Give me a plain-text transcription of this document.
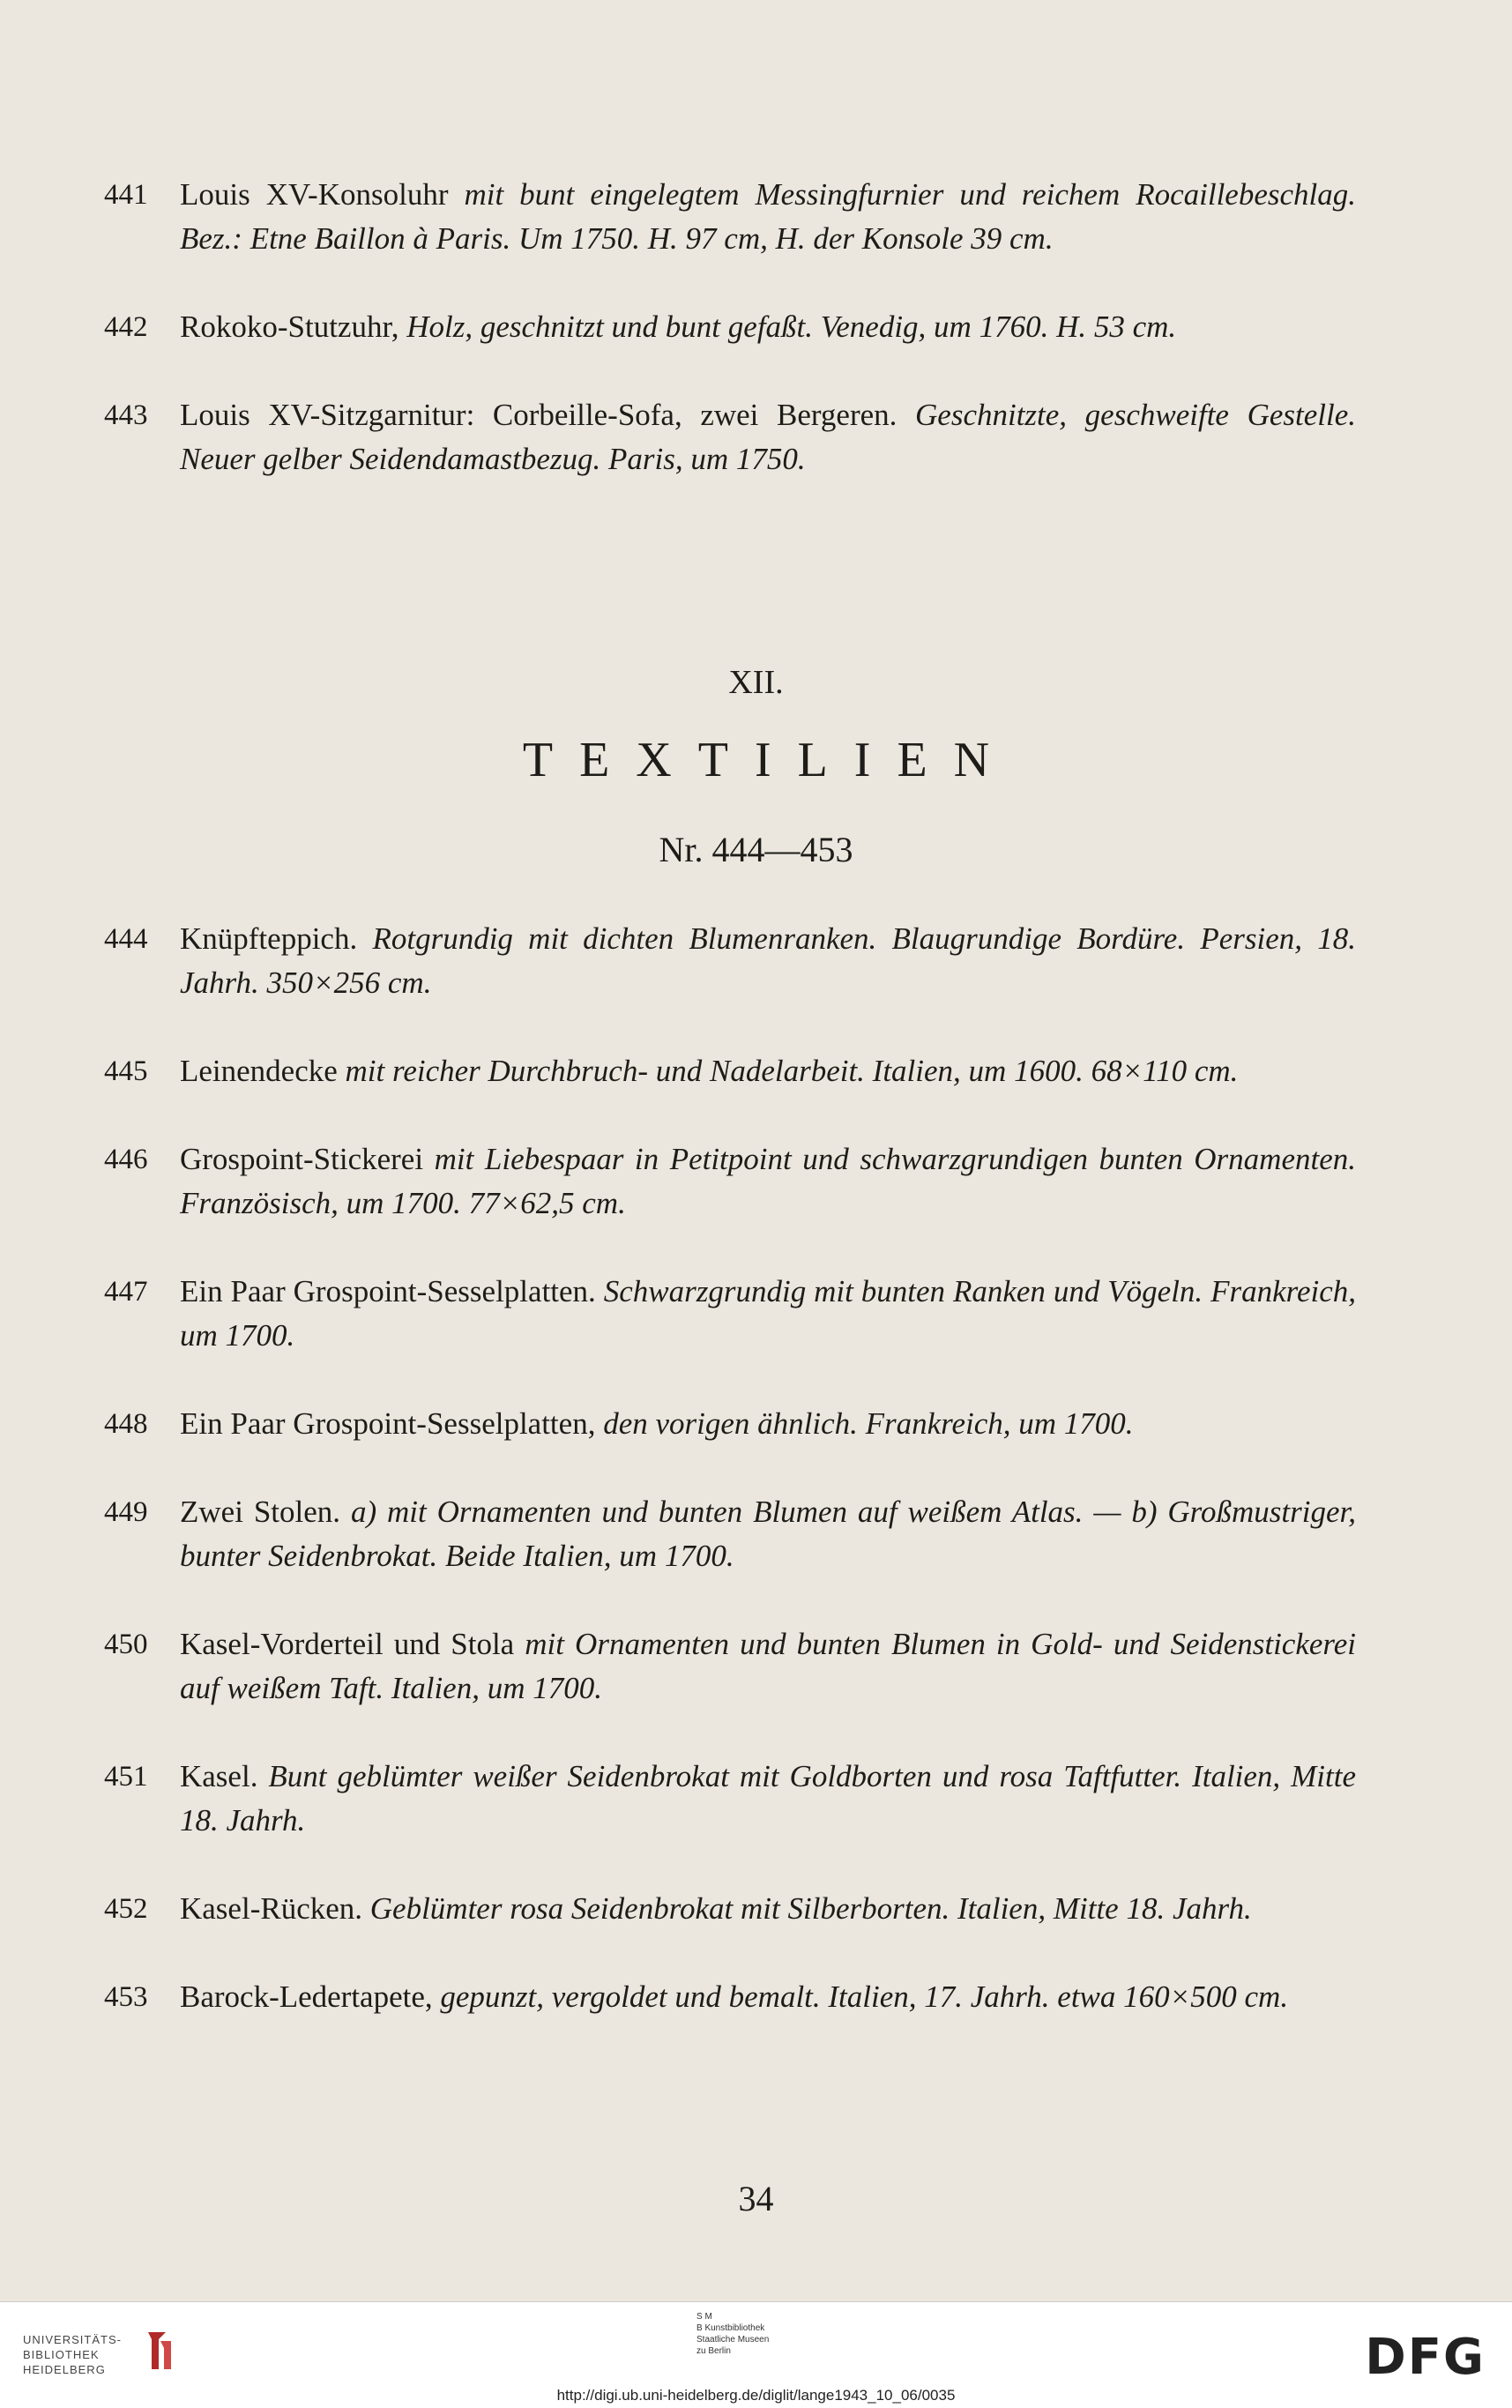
441	Louis XV-Konsoluhr mit bunt eingelegtem Messingfurnier und reichem Rocaillebeschlag. Bez.: Etne Baillon à Paris. Um 1750. H. 97 cm, H. der Konsole 39 cm.
442	Rokoko-Stutzuhr, Holz, geschnitzt und bunt gefaßt. Venedig, um 1760. H. 53 cm.
443	Louis XV-Sitzgarnitur: Corbeille-Sofa, zwei Bergeren. Geschnitzte, geschweifte Gestelle. Neuer gelber Seidendamastbezug. Paris, um 1750.
XII.
TEXTILIEN
Nr. 444—453
444	Knüpfteppich. Rotgrundig mit dichten Blumenranken. Blaugrundige Bordüre. Persien, 18. Jahrh. 350×256 cm.
445	Leinendecke mit reicher Durchbruch- und Nadelarbeit. Italien, um 1600. 68×110 cm.
446	Grospoint-Stickerei mit Liebespaar in Petitpoint und schwarzgrundigen bunten Ornamenten. Französisch, um 1700. 77×62,5 cm.
447	Ein Paar Grospoint-Sesselplatten. Schwarzgrundig mit bunten Ranken und Vögeln. Frankreich, um 1700.
448	Ein Paar Grospoint-Sesselplatten, den vorigen ähnlich. Frankreich, um 1700.
449	Zwei Stolen. a) mit Ornamenten und bunten Blumen auf weißem Atlas. — b) Großmustriger, bunter Seidenbrokat. Beide Italien, um 1700.
450	Kasel-Vorderteil und Stola mit Ornamenten und bunten Blumen in Gold- und Seidenstickerei auf weißem Taft. Italien, um 1700.
451	Kasel. Bunt geblümter weißer Seidenbrokat mit Goldborten und rosa Taftfutter. Italien, Mitte 18. Jahrh.
452	Kasel-Rücken. Geblümter rosa Seidenbrokat mit Silberborten. Italien, Mitte 18. Jahrh.
453	Barock-Ledertapete, gepunzt, vergoldet und bemalt. Italien, 17. Jahrh. etwa 160×500 cm.
34
UNIVERSITÄTS-
BIBLIOTHEK
HEIDELBERG
S M
B Kunstbibliothek
Staatliche Museen
zu Berlin	DFG
http://digi.ub.uni-heidelberg.de/diglit/lange1943_10_06/0035
